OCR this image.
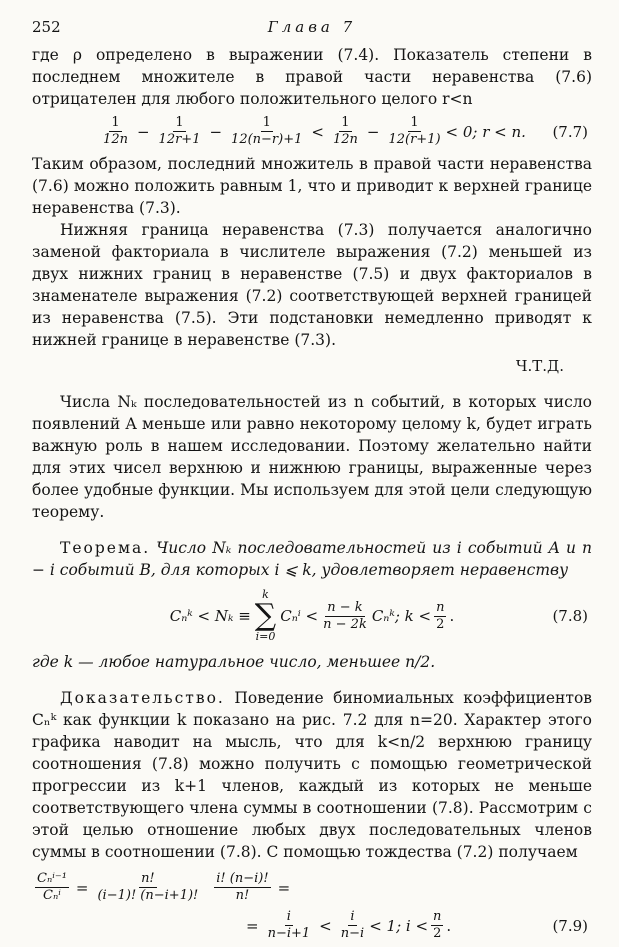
252	Глава 7

где ρ определено в выражении (7.4). Показатель степени в последнем множителе в правой части неравенства (7.6) отрицателен для любого положительного целого r<n

$\frac{1}{12n} - \frac{1}{12r+1} - \frac{1}{12(n-r)+1} < \frac{1}{12n} - \frac{1}{12(r+1)} < 0$; r < n. (7.7)

Таким образом, последний множитель в правой части неравенства (7.6) можно положить равным 1, что и приводит к верхней границе неравенства (7.3).

Нижняя граница неравенства (7.3) получается аналогично заменой факториала в числителе выражения (7.2) меньшей из двух нижних границ в неравенстве (7.5) и двух факториалов в знаменателе выражения (7.2) соответствующей верхней границей из неравенства (7.5). Эти подстановки немедленно приводят к нижней границе в неравенстве (7.3).

Ч.Т.Д.

Числа Nₖ последовательностей из n событий, в которых число появлений A меньше или равно некоторому целому k, будет играть важную роль в нашем исследовании. Поэтому желательно найти для этих чисел верхнюю и нижнюю границы, выраженные через более удобные функции. Мы используем для этой цели следующую теорему.

Теорема. Число Nₖ последовательностей из i событий A и n − i событий B, для которых i ⩽ k, удовлетворяет неравенству

Cₙᵏ < Nₖ ≡
k
∑
i=0
$C_n^i < \frac{n - k}{n - 2k}$ Cₙᵏ; $k < \frac{n}{2}$ .	(7.8)

где k — любое натуральное число, меньшее n/2.

Доказательство. Поведение биномиальных коэффициентов Cₙᵏ как функции k показано на рис. 7.2 для n=20. Характер этого графика наводит на мысль, что для k<n/2 верхнюю границу соотношения (7.8) можно получить с помощью геометрической прогрессии из k+1 членов, каждый из которых не меньше соответствующего члена суммы в соотношении (7.8). Рассмотрим с этой целью отношение любых двух последовательных членов суммы в соотношении (7.8). С помощью тождества (7.2) получаем

$\frac{\text{Cₙⁱ⁻¹}}{\text{Cₙⁱ}} = \frac{n!}{(i-1)! (n-i+1)!} \frac{i! (n-i)!}{n!}$ =
= $\frac{i}{n-i+1} < \frac{i}{n-i} < 1$; $i < \frac{n}{2}$ .	(7.9)
